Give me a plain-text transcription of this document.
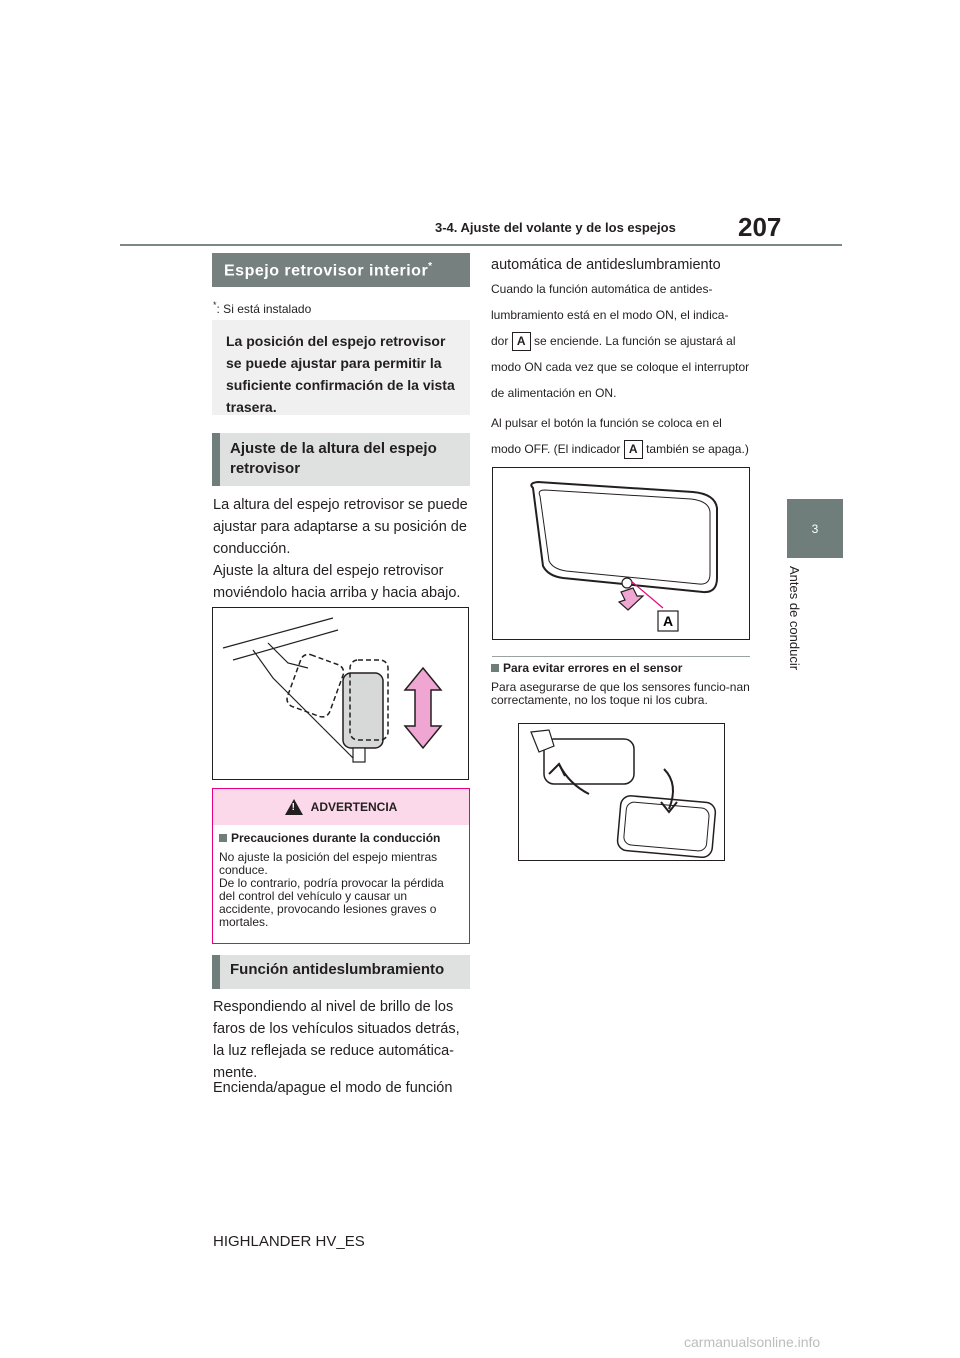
3-4. Ajuste del volante y de los espejos 207
3
Antes de conducir
Espejo retrovisor interior*
*: Si está instalado
La posición del espejo retrovisor se puede ajustar para permitir la suficiente confirmación de la vista trasera.
Ajuste de la altura del espejo retrovisor
La altura del espejo retrovisor se puede ajustar para adaptarse a su posición de conducción.
Ajuste la altura del espejo retrovisor moviéndolo hacia arriba y hacia abajo.
! ADVERTENCIA
Precauciones durante la conducción
No ajuste la posición del espejo mientras conduce.
De lo contrario, podría provocar la pérdida del control del vehículo y causar un accidente, provocando lesiones graves o mortales.
Función antideslumbramiento
Respondiendo al nivel de brillo de los faros de los vehículos situados detrás, la luz reflejada se reduce automática-mente.
Encienda/apague el modo de función
automática de antideslumbramiento
Cuando la función automática de antides-lumbramiento está en el modo ON, el indica-
dor A se enciende. La función se ajustará al modo ON cada vez que se coloque el interruptor de alimentación en ON.
Al pulsar el botón la función se coloca en el
modo OFF. (El indicador A también se apaga.)
A
Para evitar errores en el sensor
Para asegurarse de que los sensores funcio-nan correctamente, no los toque ni los cubra.
HIGHLANDER HV_ES
carmanualsonline.info
